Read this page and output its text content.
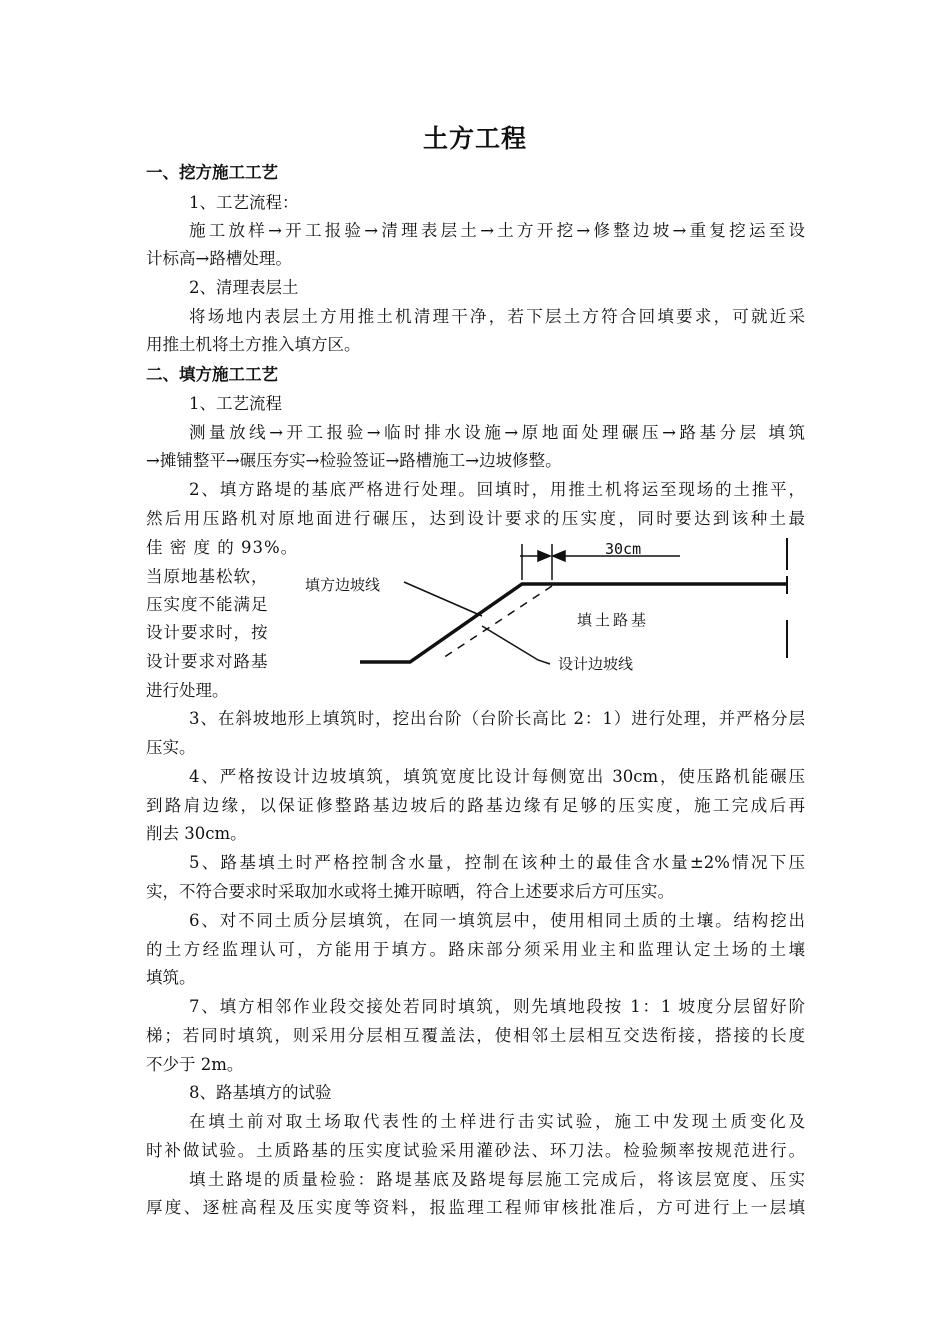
土方工程
一、挖方施工工艺
1、工艺流程：
施工放样→开工报验→清理表层土→土方开挖→修整边坡→重复挖运至设
计标高→路槽处理。
2、清理表层土
将场地内表层土方用推土机清理干净，若下层土方符合回填要求，可就近采
用推土机将土方推入填方区。
二、填方施工工艺
1、工艺流程
测量放线→开工报验→临时排水设施→原地面处理碾压→路基分层 填筑
→摊铺整平→碾压夯实→检验签证→路槽施工→边坡修整。
2、填方路堤的基底严格进行处理。回填时，用推土机将运至现场的土推平，
然后用压路机对原地面进行碾压，达到设计要求的压实度，同时要达到该种土最
佳 密 度 的 93%。
当原地基松软，
压实度不能满足
设计要求时，按
设计要求对路基
进行处理。
30cm
填方边坡线
填土路基
设计边坡线
3、在斜坡地形上填筑时，挖出台阶（台阶长高比 2：1）进行处理，并严格分层
压实。
4、严格按设计边坡填筑，填筑宽度比设计每侧宽出 30cm，使压路机能碾压
到路肩边缘，以保证修整路基边坡后的路基边缘有足够的压实度，施工完成后再
削去 30cm。
5、路基填土时严格控制含水量，控制在该种土的最佳含水量±2%情况下压
实，不符合要求时采取加水或将土摊开晾晒，符合上述要求后方可压实。
6、对不同土质分层填筑，在同一填筑层中，使用相同土质的土壤。结构挖出
的土方经监理认可，方能用于填方。路床部分须采用业主和监理认定土场的土壤
填筑。
7、填方相邻作业段交接处若同时填筑，则先填地段按 1：1 坡度分层留好阶
梯；若同时填筑，则采用分层相互覆盖法，使相邻土层相互交迭衔接，搭接的长度
不少于 2m。
8、路基填方的试验
在填土前对取土场取代表性的土样进行击实试验，施工中发现土质变化及
时补做试验。土质路基的压实度试验采用灌砂法、环刀法。检验频率按规范进行。
填土路堤的质量检验：路堤基底及路堤每层施工完成后，将该层宽度、压实
厚度、逐桩高程及压实度等资料，报监理工程师审核批准后，方可进行上一层填
